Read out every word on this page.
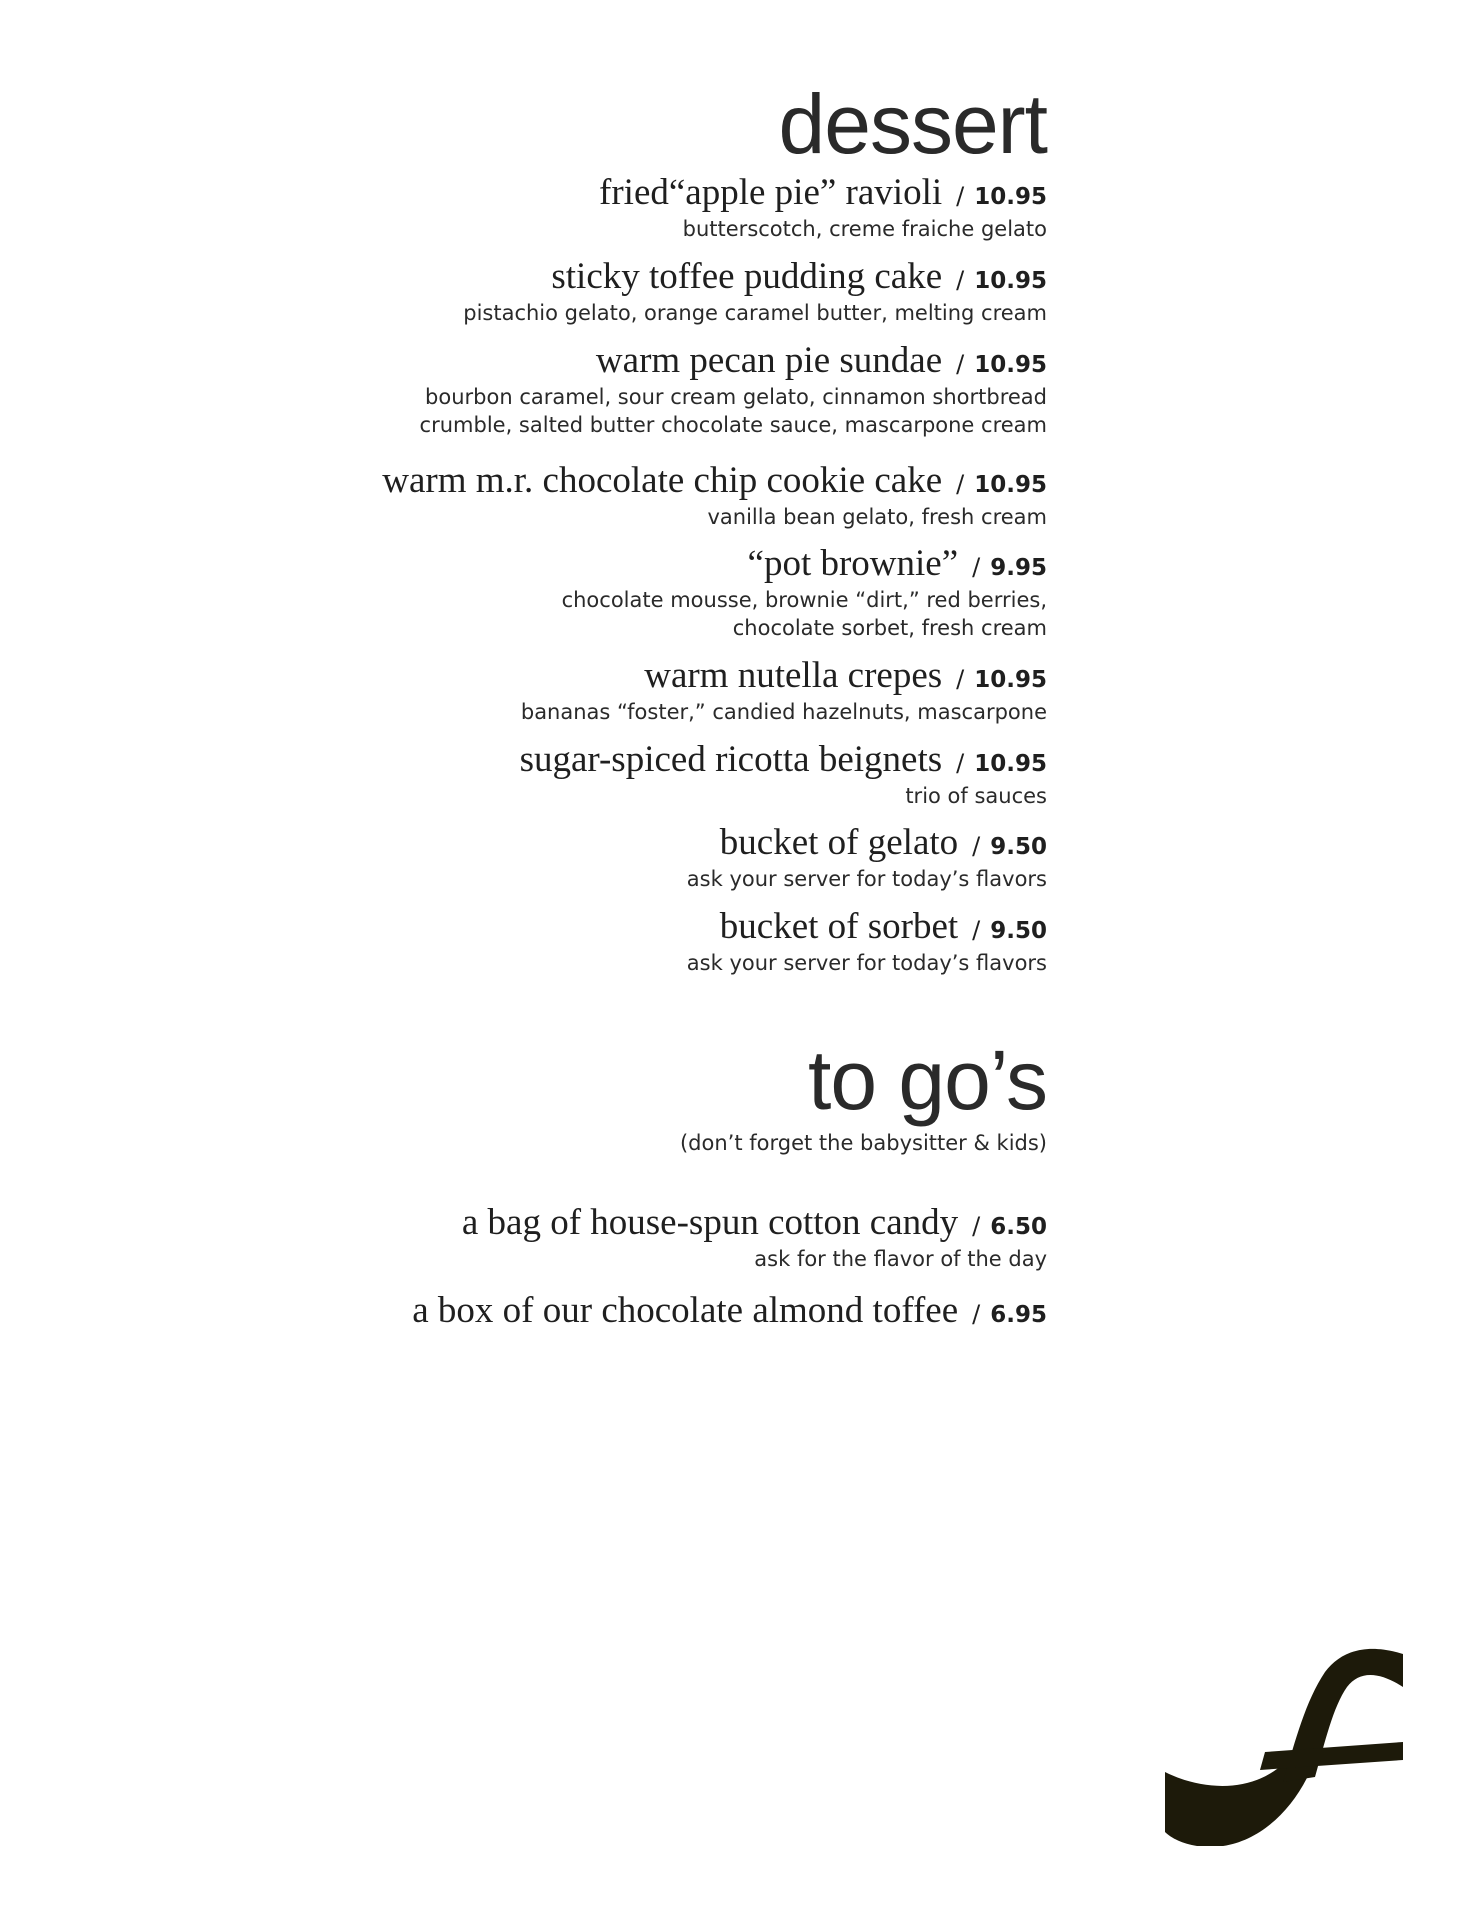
dessert
fried“apple pie” ravioli / 10.95
butterscotch, creme fraiche gelato
sticky toffee pudding cake / 10.95
pistachio gelato, orange caramel butter, melting cream
warm pecan pie sundae / 10.95
bourbon caramel, sour cream gelato, cinnamon shortbread
crumble, salted butter chocolate sauce, mascarpone cream
warm m.r. chocolate chip cookie cake / 10.95
vanilla bean gelato, fresh cream
“pot brownie” / 9.95
chocolate mousse, brownie “dirt,” red berries,
chocolate sorbet, fresh cream
warm nutella crepes / 10.95
bananas “foster,” candied hazelnuts, mascarpone
sugar-spiced ricotta beignets / 10.95
trio of sauces
bucket of gelato / 9.50
ask your server for today’s flavors
bucket of sorbet / 9.50
ask your server for today’s flavors
to go’s
(don’t forget the babysitter & kids)
a bag of house-spun cotton candy / 6.50
ask for the flavor of the day
a box of our chocolate almond toffee / 6.95
